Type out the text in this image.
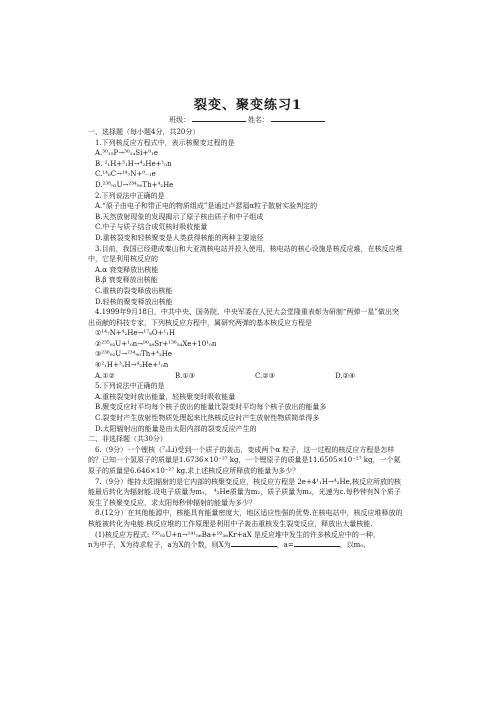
裂变、聚变练习1
班级：	姓名：
一、选择题（每小题4分，共20分）
1.下列核反应方程式中，表示核聚变过程的是
A.³⁰₁₅P→³⁰₁₄Si+⁰₁e
B. ²₁H+³₁H→⁴₂He+¹₀n
C.¹⁴₆C→¹⁴₇N+⁰₋₁e
D.²³⁸₉₂U→²³⁴₉₀Th+⁴₂He
2.下列说法中正确的是
A.“原子由电子和带正电的物质组成”是通过卢瑟福α粒子散射实验判定的
B.天然放射现象的发现揭示了原子核由质子和中子组成
C.中子与质子结合成氘核时吸收能量
D.重核裂变和轻核聚变是人类获得核能的两种主要途径
3.目前，我国已经建成秦山和大亚湾核电站并投入使用，核电站的核心设施是核反应堆，在核反应堆中，它是利用核反应的
A.α 衰变释放出核能
B.β 衰变释放出核能
C.重核的裂变释放出核能
D.轻核的聚变释放出核能
4.1999年9月18日，中共中央、国务院、中央军委在人民大会堂隆重表彰为研制“两弹一星”做出突出贡献的科技专家，下列核反应方程中，属研究两弹的基本核反应方程是
①¹⁴₇N+⁴₂He→¹⁷₈O+¹₁H
②²³⁵₉₂U+¹₀n→⁹⁰₃₈Sr+¹³⁶₅₄Xe+10¹₀n
③²³⁸₉₂U→²³⁴₉₀Th+⁴₂He
④²₁H+³₁H→⁴₂He+¹₀n
A.①②	B.①③	C.②③	D.②④
5.下列说法中正确的是
A.重核裂变时放出能量，轻核聚变时吸收能量
B.聚变反应时平均每个核子放出的能量比裂变时平均每个核子放出的能量多
C.裂变时产生放射性物质处理起来比热核反应时产生放射性物质简单得多
D.太阳辐射出的能量是由太阳内部的裂变反应产生的
二、非选择题（共30分）
6.（9分）一个锂核（⁷₃Li)受到一个质子的轰击，变成两个α 粒子，这一过程的核反应方程是怎样的？已知一个氢原子的质量是1.6736×10⁻²⁷ kg，一个锂原子的质量是11.6505×10⁻²⁷ kg，一个氦原子的质量是6.646×10⁻²⁷ kg.求上述核反应所释放的能量为多少？
7.（9分）维持太阳辐射的是它内部的核聚变反应，核反应方程是 2e+4¹₁H→⁴₂He,核反应所放的核能最后转化为辐射能.设电子质量为m₁， ⁴₂He质量为m₂，质子质量为m₃，光速为c.每秒钟有N个质子发生了核聚变反应，求太阳每秒钟辐射的能量为多少？
8.(12分）在其他能源中，核能具有能量密度大，地区适应性强的优势.在核电站中，核反应堆释放的核能被转化为电能.核反应堆的工作原理是利用中子轰击重核发生裂变反应，释放出大量核能.
(1)核反应方程式: ²³⁵₉₂U+n→¹⁴¹₅₆Ba+⁹²₃₆Kr+aX 是反应堆中发生的许多核反应中的一种，
n为中子，X为待求粒子，a为X的个数，则X为	，a=	，以m₀、
